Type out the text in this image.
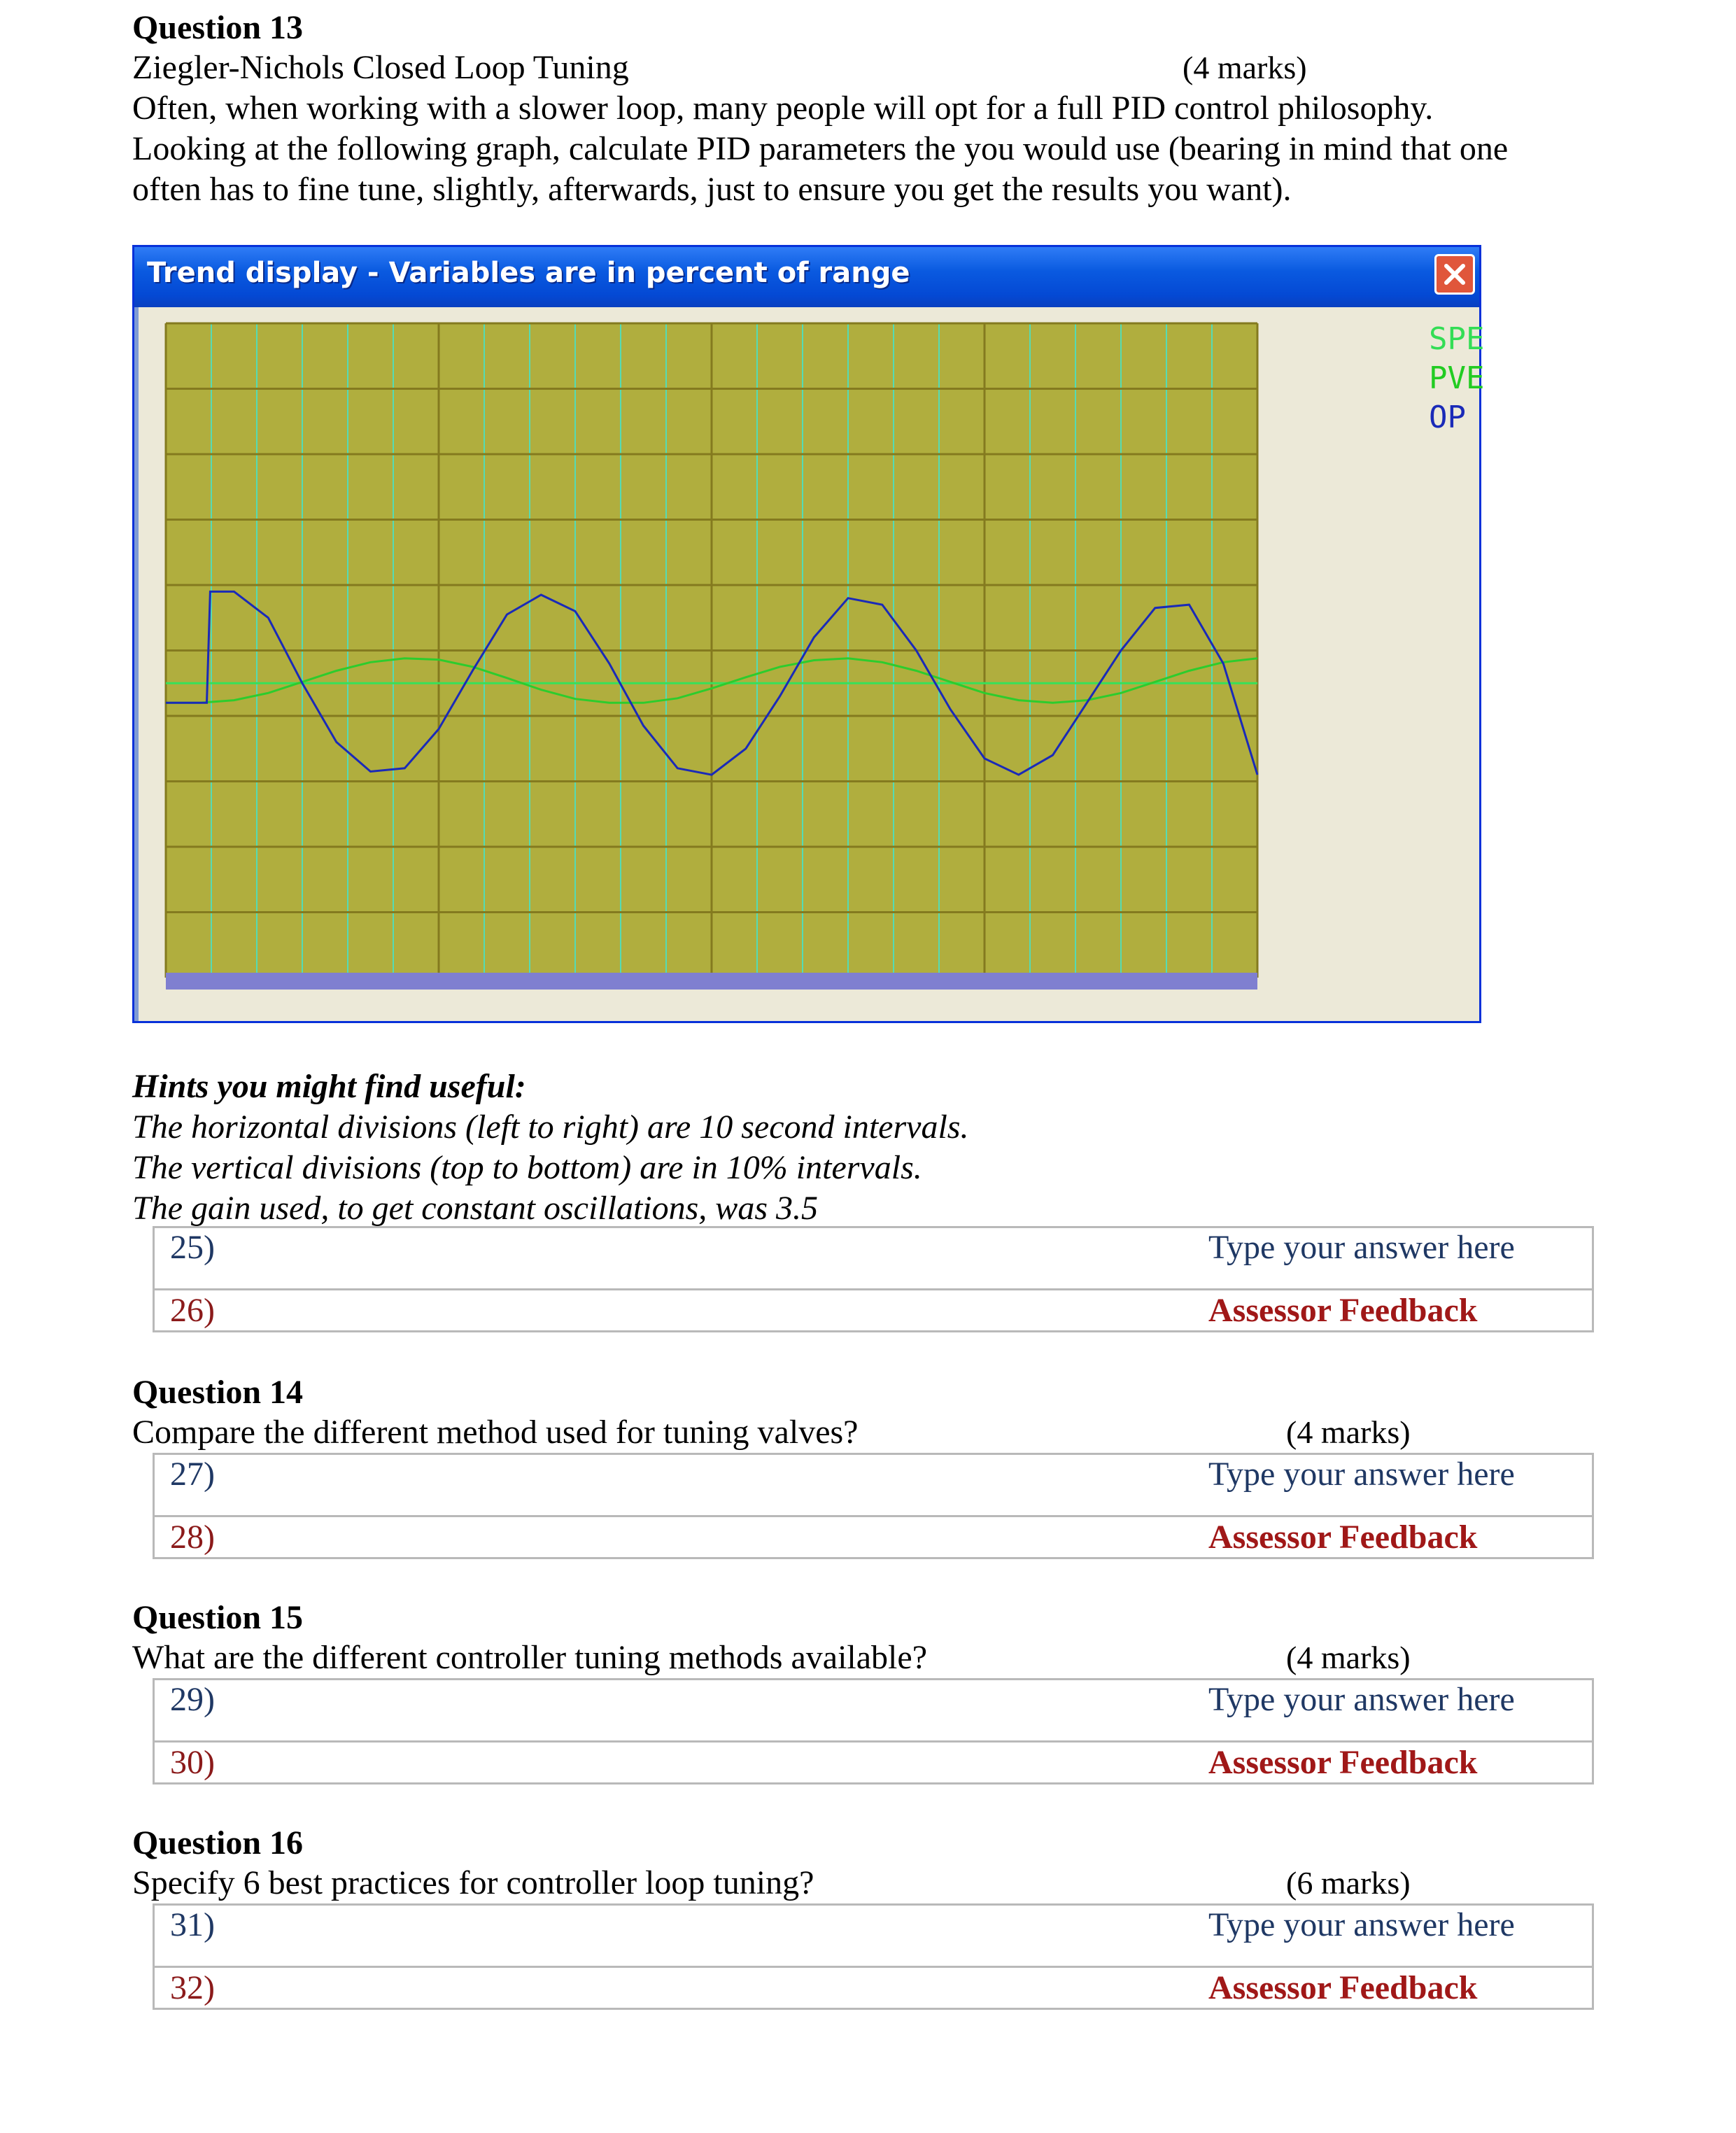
Question 13
Ziegler-Nichols Closed Loop Tuning	(4 marks)
Often, when working with a slower loop, many people will opt for a full PID control philosophy.
Looking at the following graph, calculate PID parameters the you would use (bearing in mind that one
often has to fine tune, slightly, afterwards, just to ensure you get the results you want).
Trend display - Variables are in percent of range
SPE
PVE
OP
Hints you might find useful:
The horizontal divisions (left to right) are 10 second intervals.
The vertical divisions (top to bottom) are in 10% intervals.
The gain used, to get constant oscillations, was 3.5
25)	Type your answer here

26)	Assessor Feedback
Question 14
Compare the different method used for tuning valves?	(4 marks)
27)	Type your answer here

28)	Assessor Feedback
Question 15
What are the different controller tuning methods available?	(4 marks)
29)	Type your answer here

30)	Assessor Feedback
Question 16
Specify 6 best practices for controller loop tuning?	(6 marks)
31)	Type your answer here

32)	Assessor Feedback
